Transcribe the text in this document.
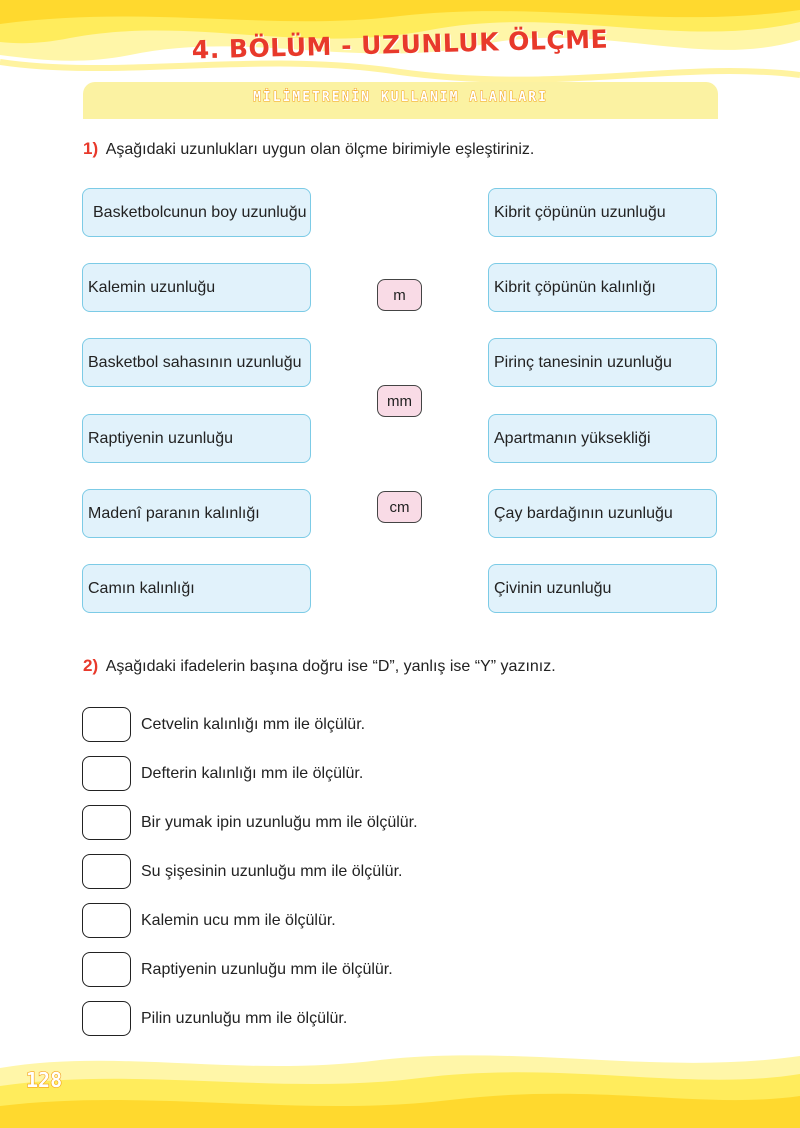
4. BÖLÜM - UZUNLUK ÖLÇME
MİLİMETRENİN KULLANIM ALANLARI
1) Aşağıdaki uzunlukları uygun olan ölçme birimiyle eşleştiriniz.
Basketbolcunun boy uzunluğu
Kalemin uzunluğu
Basketbol sahasının uzunluğu
Raptiyenin uzunluğu
Madenî paranın kalınlığı
Camın kalınlığı
m
mm
cm
Kibrit çöpünün uzunluğu
Kibrit çöpünün kalınlığı
Pirinç tanesinin uzunluğu
Apartmanın yüksekliği
Çay bardağının uzunluğu
Çivinin uzunluğu
2) Aşağıdaki ifadelerin başına doğru ise “D”, yanlış ise “Y” yazınız.
Cetvelin kalınlığı mm ile ölçülür.
Defterin kalınlığı mm ile ölçülür.
Bir yumak ipin uzunluğu mm ile ölçülür.
Su şişesinin uzunluğu mm ile ölçülür.
Kalemin ucu mm ile ölçülür.
Raptiyenin uzunluğu mm ile ölçülür.
Pilin uzunluğu mm ile ölçülür.
128
